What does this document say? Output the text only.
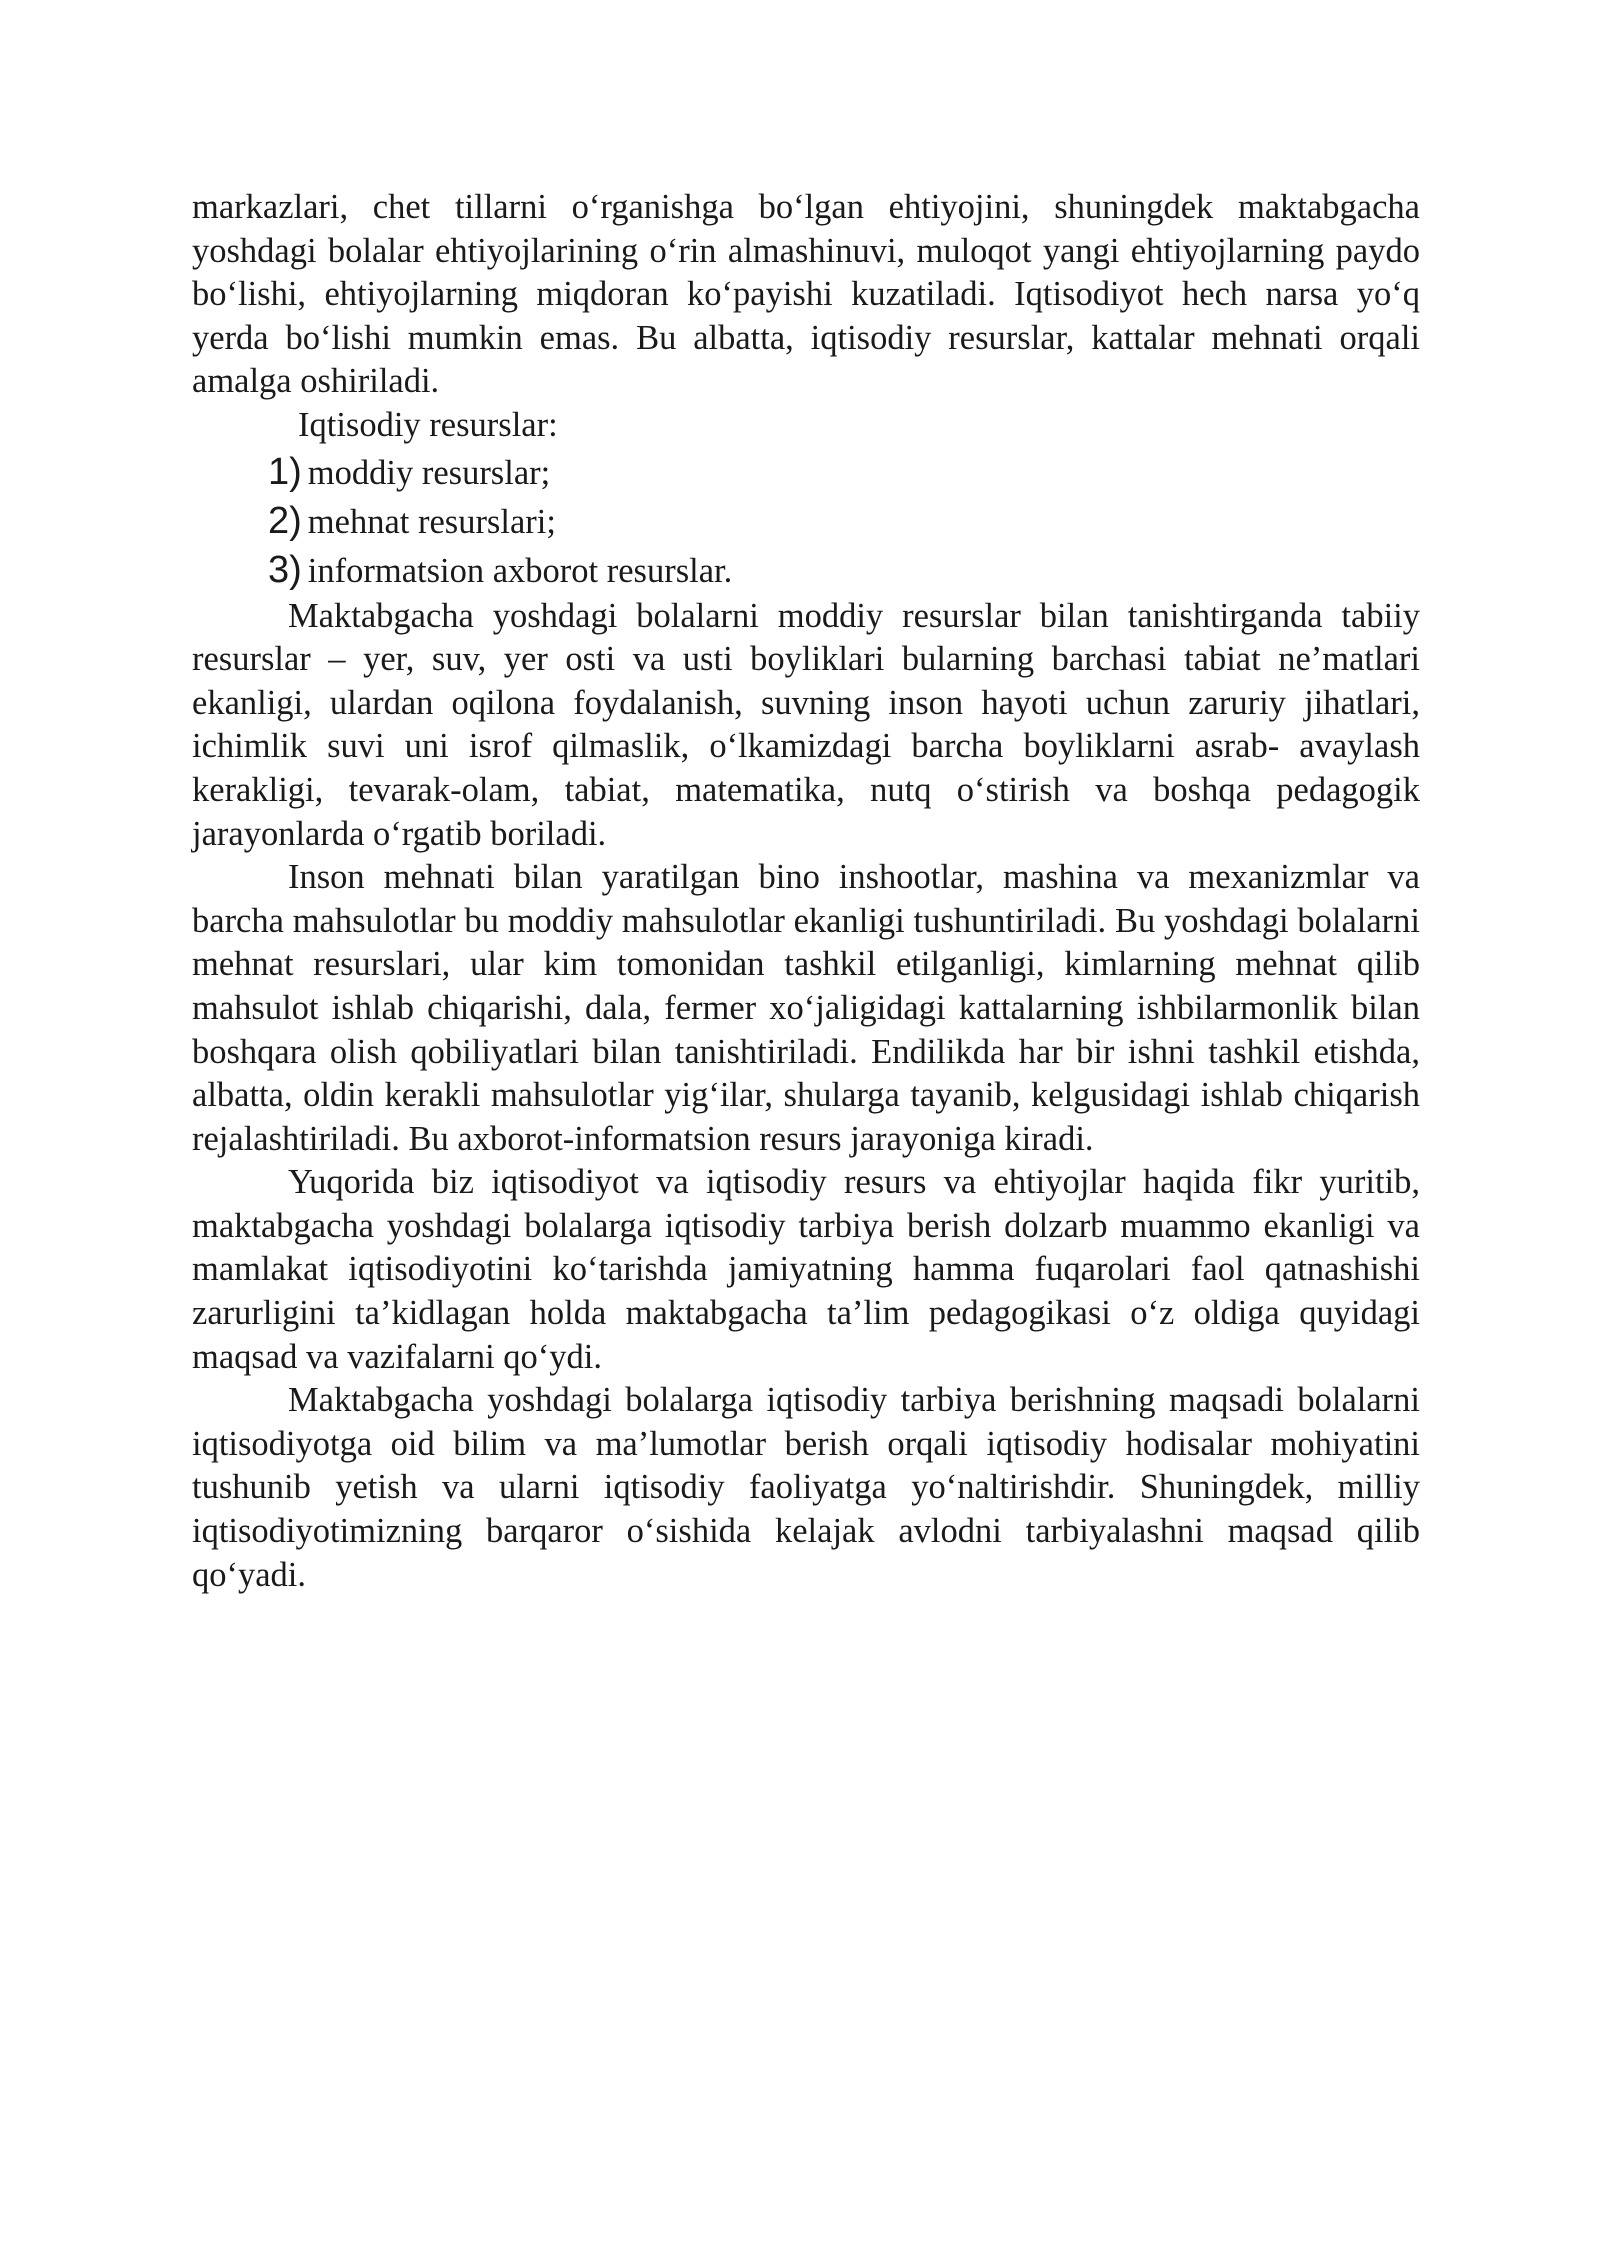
markazlari, chet tillarni o‘rganishga bo‘lgan ehtiyojini, shuningdek maktabgacha yoshdagi bolalar ehtiyojlarining o‘rin almashinuvi, muloqot yangi ehtiyojlarning paydo bo‘lishi, ehtiyojlarning miqdoran ko‘payishi kuzatiladi. Iqtisodiyot hech narsa yo‘q yerda bo‘lishi mumkin emas. Bu albatta, iqtisodiy resurslar, kattalar mehnati orqali amalga oshiriladi.

Iqtisodiy resurslar:

1) moddiy resurslar;
2) mehnat resurslari;
3) informatsion axborot resurslar.

Maktabgacha yoshdagi bolalarni moddiy resurslar bilan tanishtirganda tabiiy resurslar – yer, suv, yer osti va usti boyliklari bularning barchasi tabiat ne’matlari ekanligi, ulardan oqilona foydalanish, suvning inson hayoti uchun zaruriy jihatlari, ichimlik suvi uni isrof qilmaslik, o‘lkamizdagi barcha boyliklarni asrab- avaylash kerakligi, tevarak-olam, tabiat, matematika, nutq o‘stirish va boshqa pedagogik jarayonlarda o‘rgatib boriladi.

Inson mehnati bilan yaratilgan bino inshootlar, mashina va mexanizmlar va barcha mahsulotlar bu moddiy mahsulotlar ekanligi tushuntiriladi. Bu yoshdagi bolalarni mehnat resurslari, ular kim tomonidan tashkil etilganligi, kimlarning mehnat qilib mahsulot ishlab chiqarishi, dala, fermer xo‘jaligidagi kattalarning ishbilarmonlik bilan boshqara olish qobiliyatlari bilan tanishtiriladi. Endilikda har bir ishni tashkil etishda, albatta, oldin kerakli mahsulotlar yig‘ilar, shularga tayanib, kelgusidagi ishlab chiqarish rejalashtiriladi. Bu axborot-informatsion resurs jarayoniga kiradi.

Yuqorida biz iqtisodiyot va iqtisodiy resurs va ehtiyojlar haqida fikr yuritib, maktabgacha yoshdagi bolalarga iqtisodiy tarbiya berish dolzarb muammo ekanligi va mamlakat iqtisodiyotini ko‘tarishda jamiyatning hamma fuqarolari faol qatnashishi zarurligini ta’kidlagan holda maktabgacha ta’lim pedagogikasi o‘z oldiga quyidagi maqsad va vazifalarni qo‘ydi.

Maktabgacha yoshdagi bolalarga iqtisodiy tarbiya berishning maqsadi bolalarni iqtisodiyotga oid bilim va ma’lumotlar berish orqali iqtisodiy hodisalar mohiyatini tushunib yetish va ularni iqtisodiy faoliyatga yo‘naltirishdir. Shuningdek, milliy iqtisodiyotimizning barqaror o‘sishida kelajak avlodni tarbiyalashni maqsad qilib qo‘yadi.
